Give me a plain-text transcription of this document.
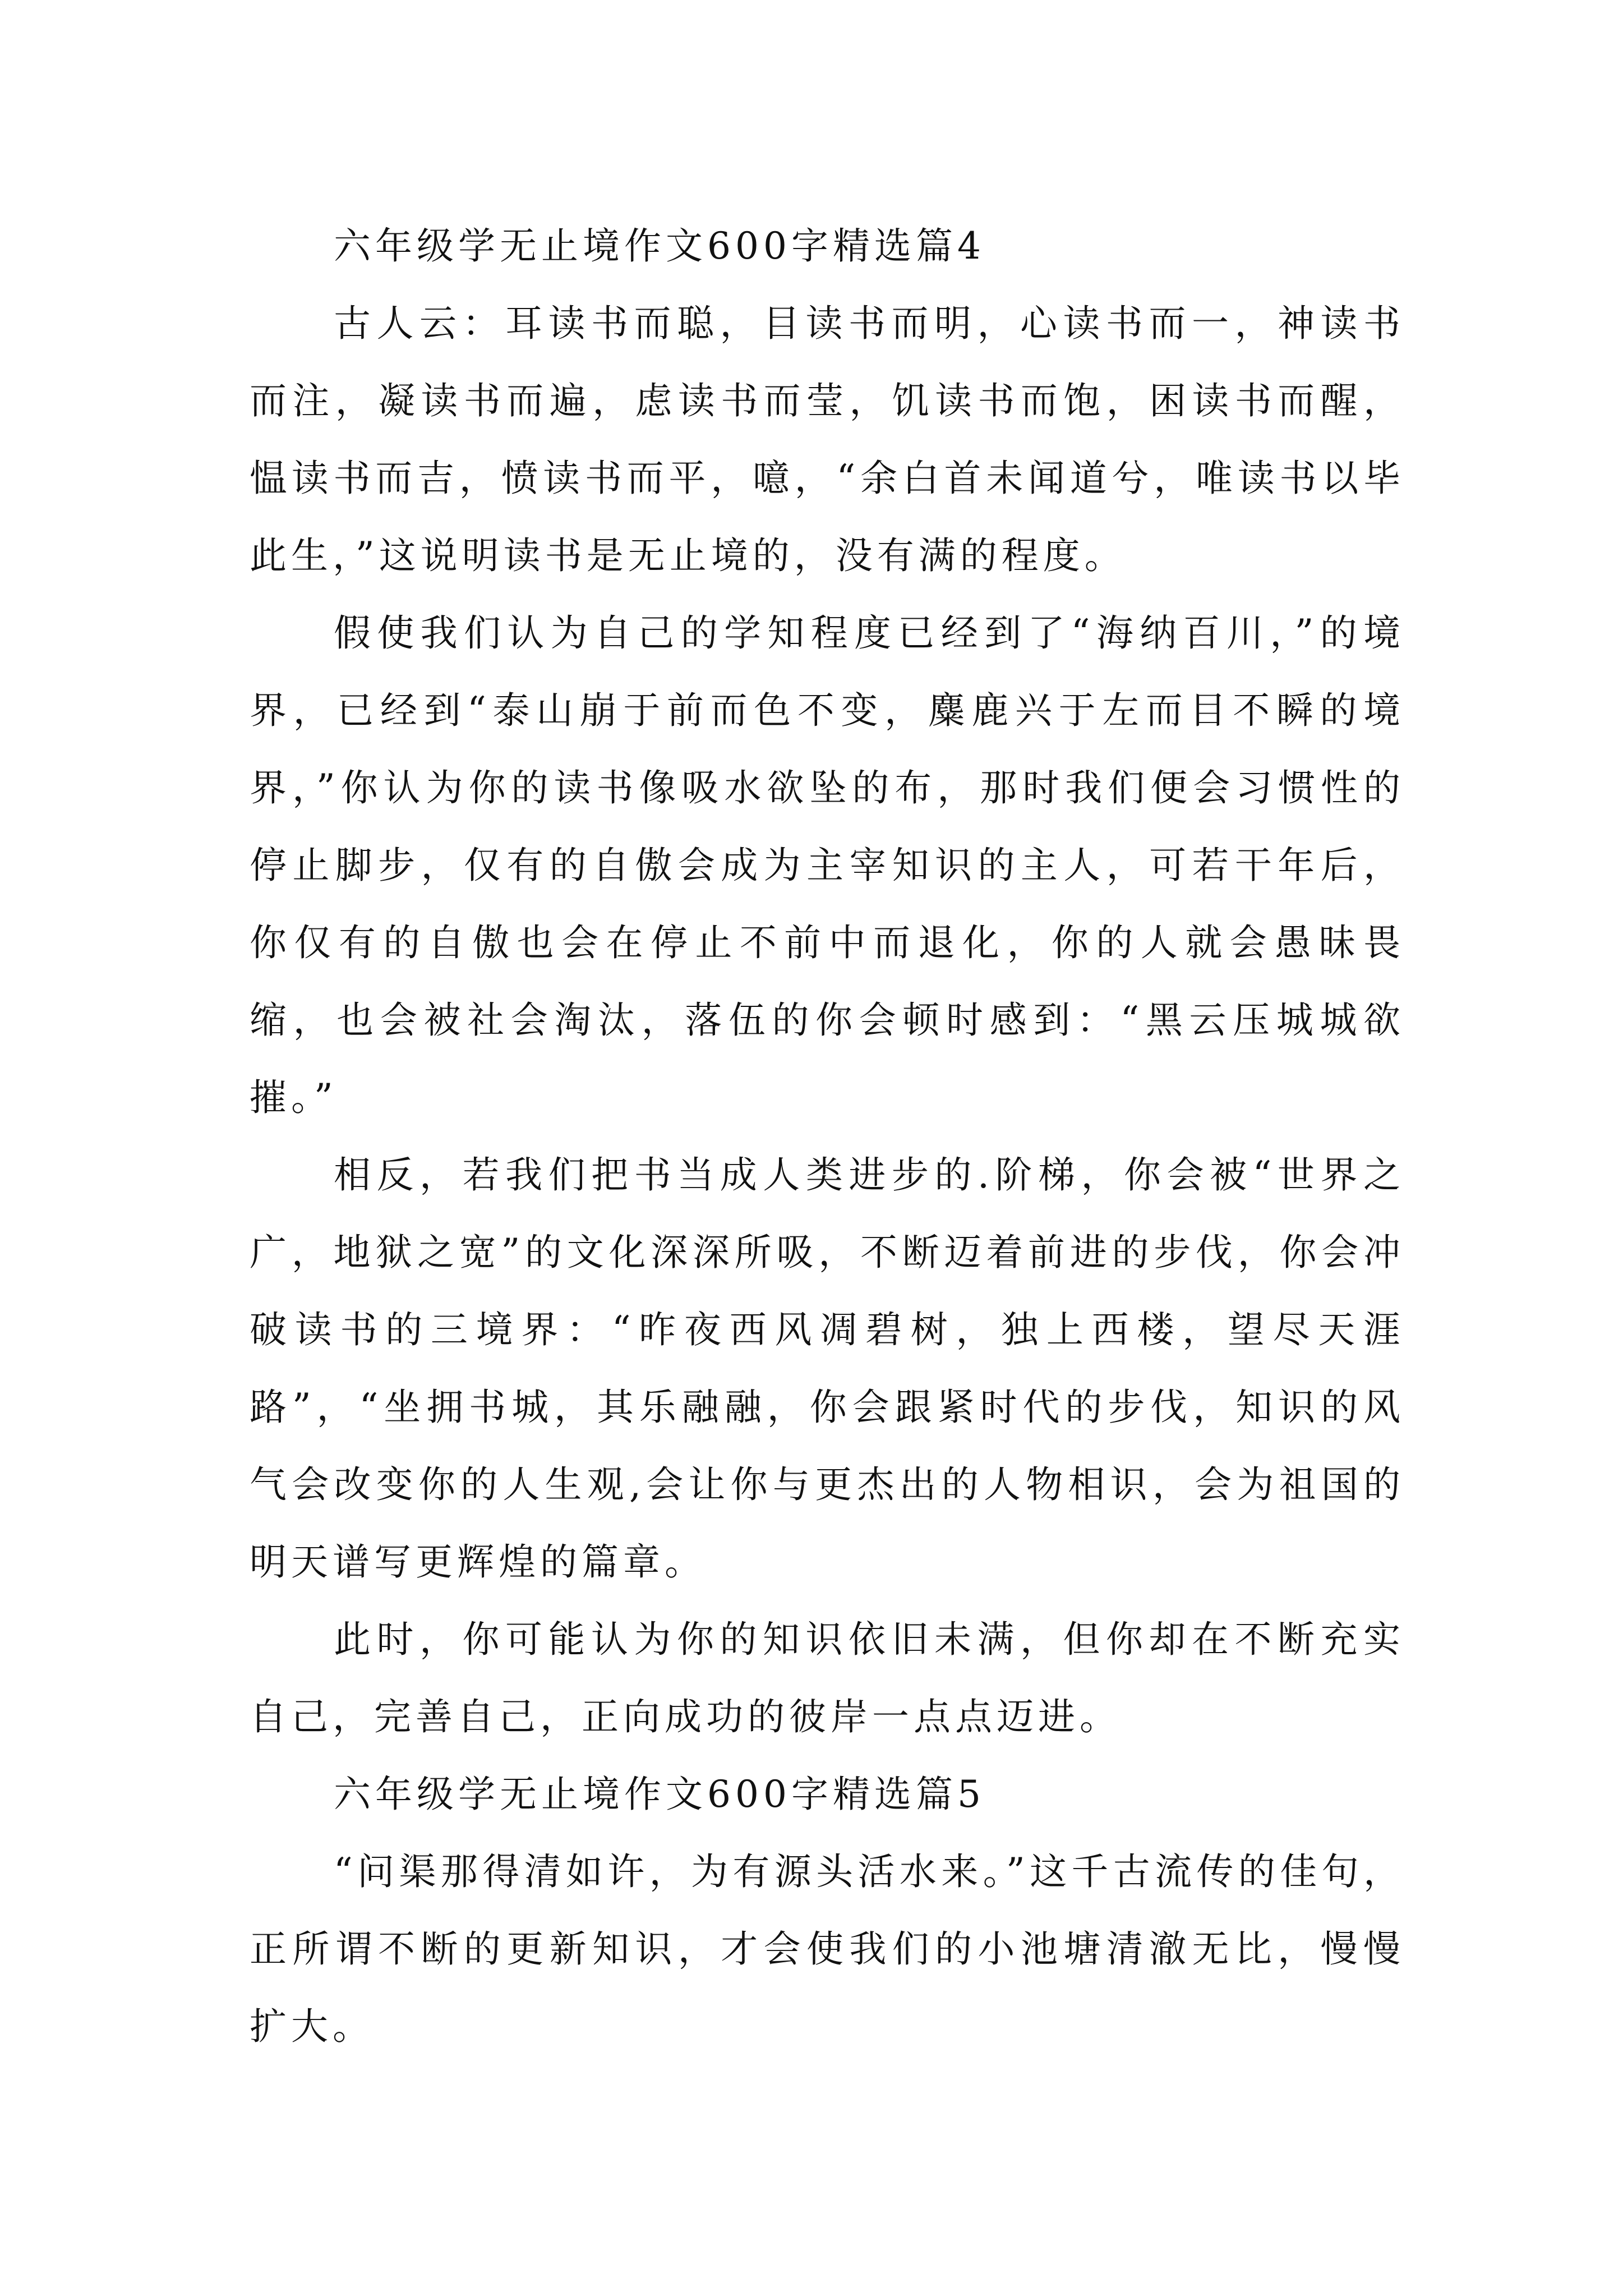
六年级学无止境作文600字精选篇4

古人云：耳读书而聪，目读书而明，心读书而一，神读书而注，凝读书而遍，虑读书而莹，饥读书而饱，困读书而醒，愠读书而吉，愤读书而平，噫，“余白首未闻道兮，唯读书以毕此生，”这说明读书是无止境的，没有满的程度。

假使我们认为自己的学知程度已经到了“海纳百川，”的境界，已经到“泰山崩于前而色不变，麋鹿兴于左而目不瞬的境界，”你认为你的读书像吸水欲坠的布，那时我们便会习惯性的停止脚步，仅有的自傲会成为主宰知识的主人，可若干年后，你仅有的自傲也会在停止不前中而退化，你的人就会愚昧畏缩，也会被社会淘汰，落伍的你会顿时感到：“黑云压城城欲摧。”

相反，若我们把书当成人类进步的.阶梯，你会被“世界之广，地狱之宽”的文化深深所吸，不断迈着前进的步伐，你会冲破读书的三境界：“昨夜西风凋碧树，独上西楼，望尽天涯路”，“坐拥书城，其乐融融，你会跟紧时代的步伐，知识的风气会改变你的人生观,会让你与更杰出的人物相识，会为祖国的明天谱写更辉煌的篇章。

此时，你可能认为你的知识依旧未满，但你却在不断充实自己，完善自己，正向成功的彼岸一点点迈进。

六年级学无止境作文600字精选篇5

“问渠那得清如许，为有源头活水来。”这千古流传的佳句，正所谓不断的更新知识，才会使我们的小池塘清澈无比，慢慢扩大。
